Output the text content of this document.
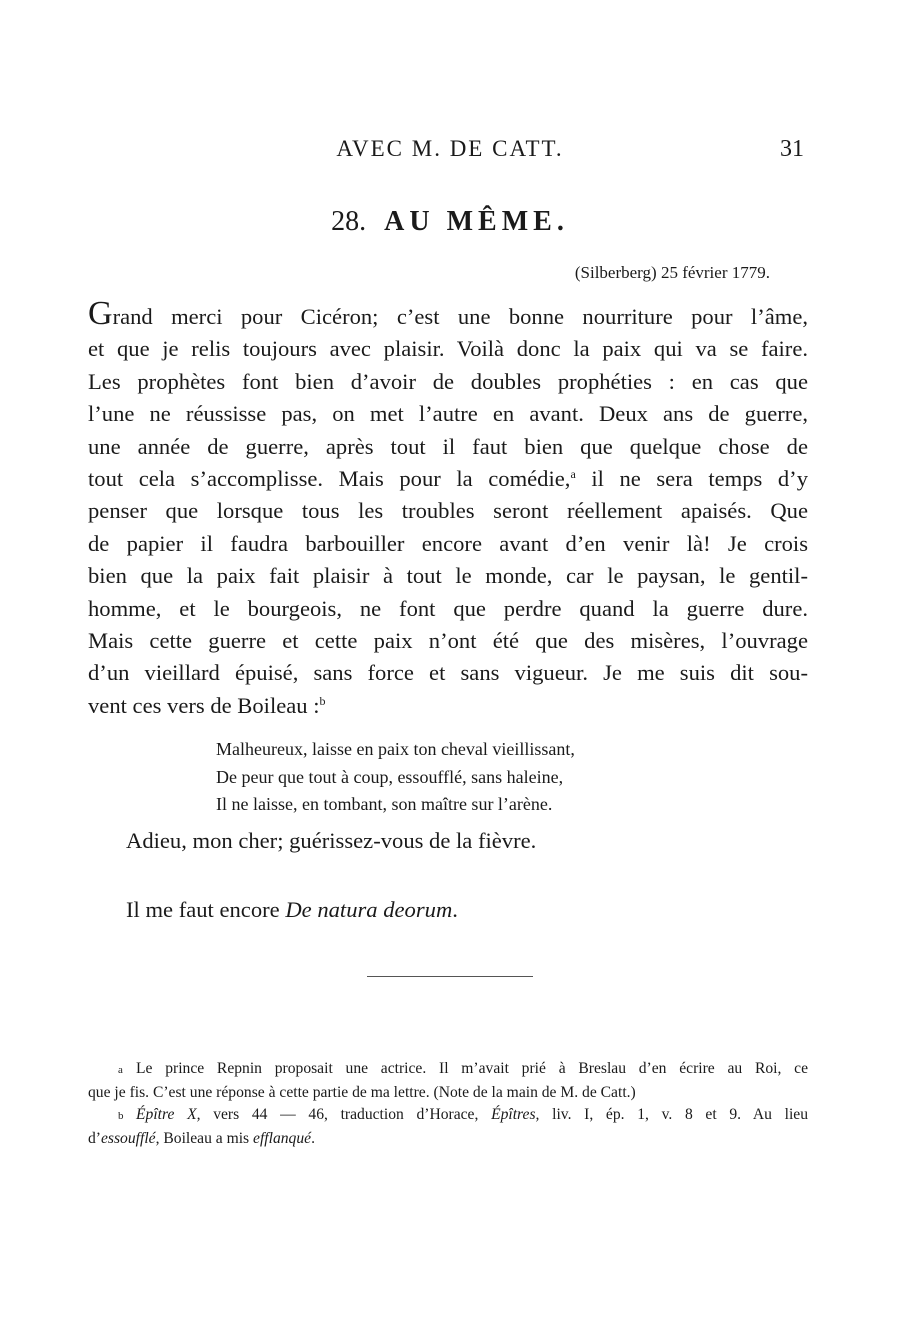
AVEC M. DE CATT.	31
28. AU MÊME.
(Silberberg) 25 février 1779.
Grand merci pour Cicéron; c’est une bonne nourriture pour l’âme,
et que je relis toujours avec plaisir. Voilà donc la paix qui va se faire.
Les prophètes font bien d’avoir de doubles prophéties : en cas que
l’une ne réussisse pas, on met l’autre en avant. Deux ans de guerre,
une année de guerre, après tout il faut bien que quelque chose de
tout cela s’accomplisse. Mais pour la comédie,$^a$ il ne sera temps d’y
penser que lorsque tous les troubles seront réellement apaisés. Que
de papier il faudra barbouiller encore avant d’en venir là! Je crois
bien que la paix fait plaisir à tout le monde, car le paysan, le gentil-
homme, et le bourgeois, ne font que perdre quand la guerre dure.
Mais cette guerre et cette paix n’ont été que des misères, l’ouvrage
d’un vieillard épuisé, sans force et sans vigueur. Je me suis dit sou-
vent ces vers de Boileau :$^b$
Malheureux, laisse en paix ton cheval vieillissant,
De peur que tout à coup, essoufflé, sans haleine,
Il ne laisse, en tombant, son maître sur l’arène.
Adieu, mon cher; guérissez-vous de la fièvre.
Il me faut encore De natura deorum.
a Le prince Repnin proposait une actrice. Il m’avait prié à Breslau d’en écrire au Roi, ce
que je fis. C’est une réponse à cette partie de ma lettre. (Note de la main de M. de Catt.)
b Épître X, vers 44 — 46, traduction d’Horace, Épîtres, liv. I, ép. 1, v. 8 et 9. Au lieu
d’essoufflé, Boileau a mis efflanqué.
